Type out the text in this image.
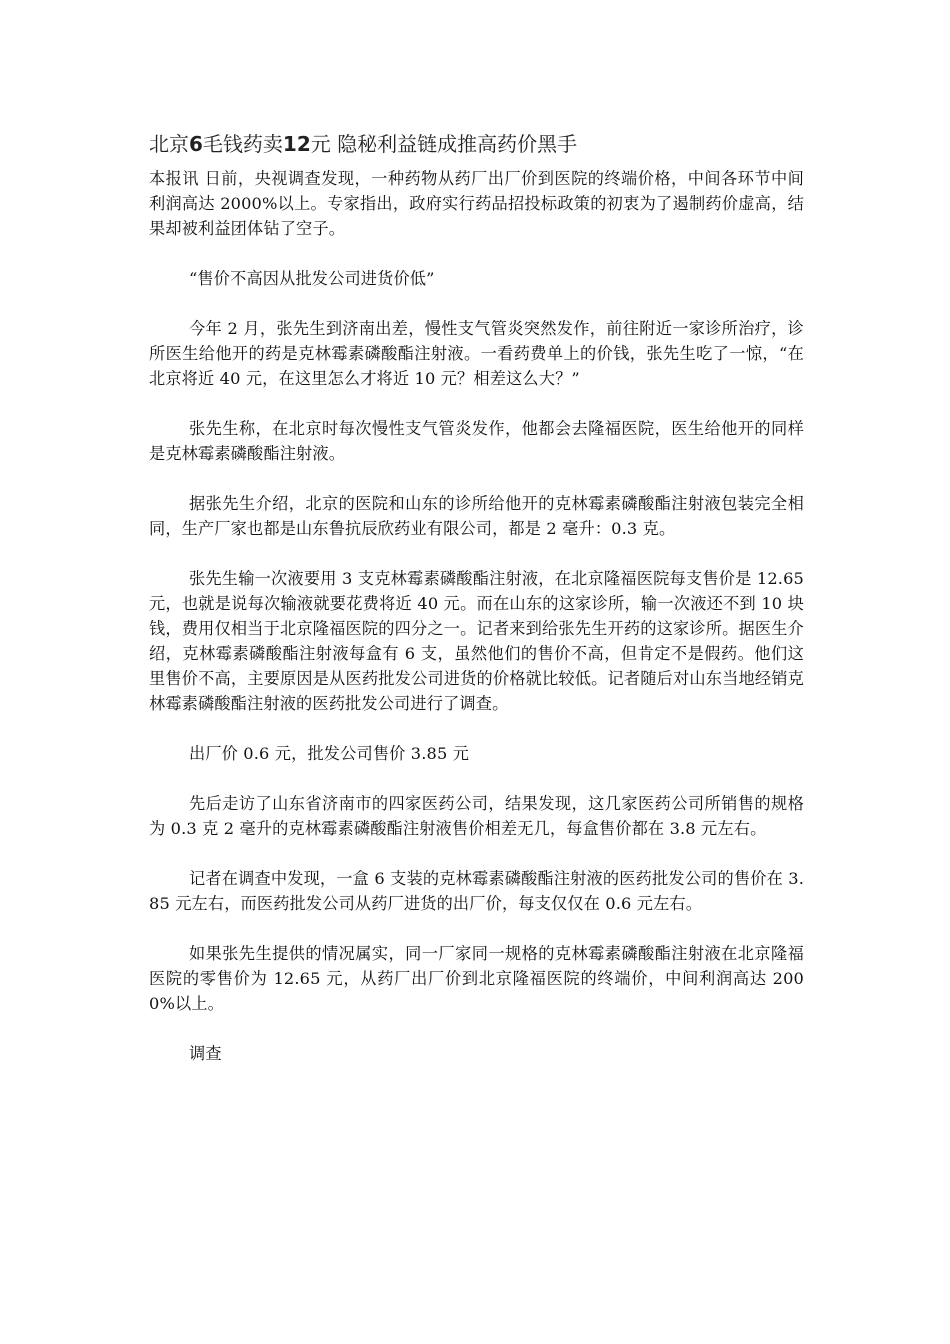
北京6毛钱药卖12元 隐秘利益链成推高药价黑手

本报讯 日前，央视调查发现，一种药物从药厂出厂价到医院的终端价格，中间各环节中间利润高达 2000%以上。专家指出，政府实行药品招投标政策的初衷为了遏制药价虚高，结果却被利益团体钻了空子。

“售价不高因从批发公司进货价低”

今年 2 月，张先生到济南出差，慢性支气管炎突然发作，前往附近一家诊所治疗，诊所医生给他开的药是克林霉素磷酸酯注射液。一看药费单上的价钱，张先生吃了一惊，“在北京将近 40 元，在这里怎么才将近 10 元？相差这么大？”

张先生称，在北京时每次慢性支气管炎发作，他都会去隆福医院，医生给他开的同样是克林霉素磷酸酯注射液。

据张先生介绍，北京的医院和山东的诊所给他开的克林霉素磷酸酯注射液包装完全相同，生产厂家也都是山东鲁抗辰欣药业有限公司，都是 2 毫升：0.3 克。

张先生输一次液要用 3 支克林霉素磷酸酯注射液，在北京隆福医院每支售价是 12.65 元，也就是说每次输液就要花费将近 40 元。而在山东的这家诊所，输一次液还不到 10 块钱，费用仅相当于北京隆福医院的四分之一。记者来到给张先生开药的这家诊所。据医生介绍，克林霉素磷酸酯注射液每盒有 6 支，虽然他们的售价不高，但肯定不是假药。他们这里售价不高，主要原因是从医药批发公司进货的价格就比较低。记者随后对山东当地经销克林霉素磷酸酯注射液的医药批发公司进行了调查。

出厂价 0.6 元，批发公司售价 3.85 元

先后走访了山东省济南市的四家医药公司，结果发现，这几家医药公司所销售的规格为 0.3 克 2 毫升的克林霉素磷酸酯注射液售价相差无几，每盒售价都在 3.8 元左右。

记者在调查中发现，一盒 6 支装的克林霉素磷酸酯注射液的医药批发公司的售价在 3.85 元左右，而医药批发公司从药厂进货的出厂价，每支仅仅在 0.6 元左右。

如果张先生提供的情况属实，同一厂家同一规格的克林霉素磷酸酯注射液在北京隆福医院的零售价为 12.65 元，从药厂出厂价到北京隆福医院的终端价，中间利润高达 2000%以上。

调查
